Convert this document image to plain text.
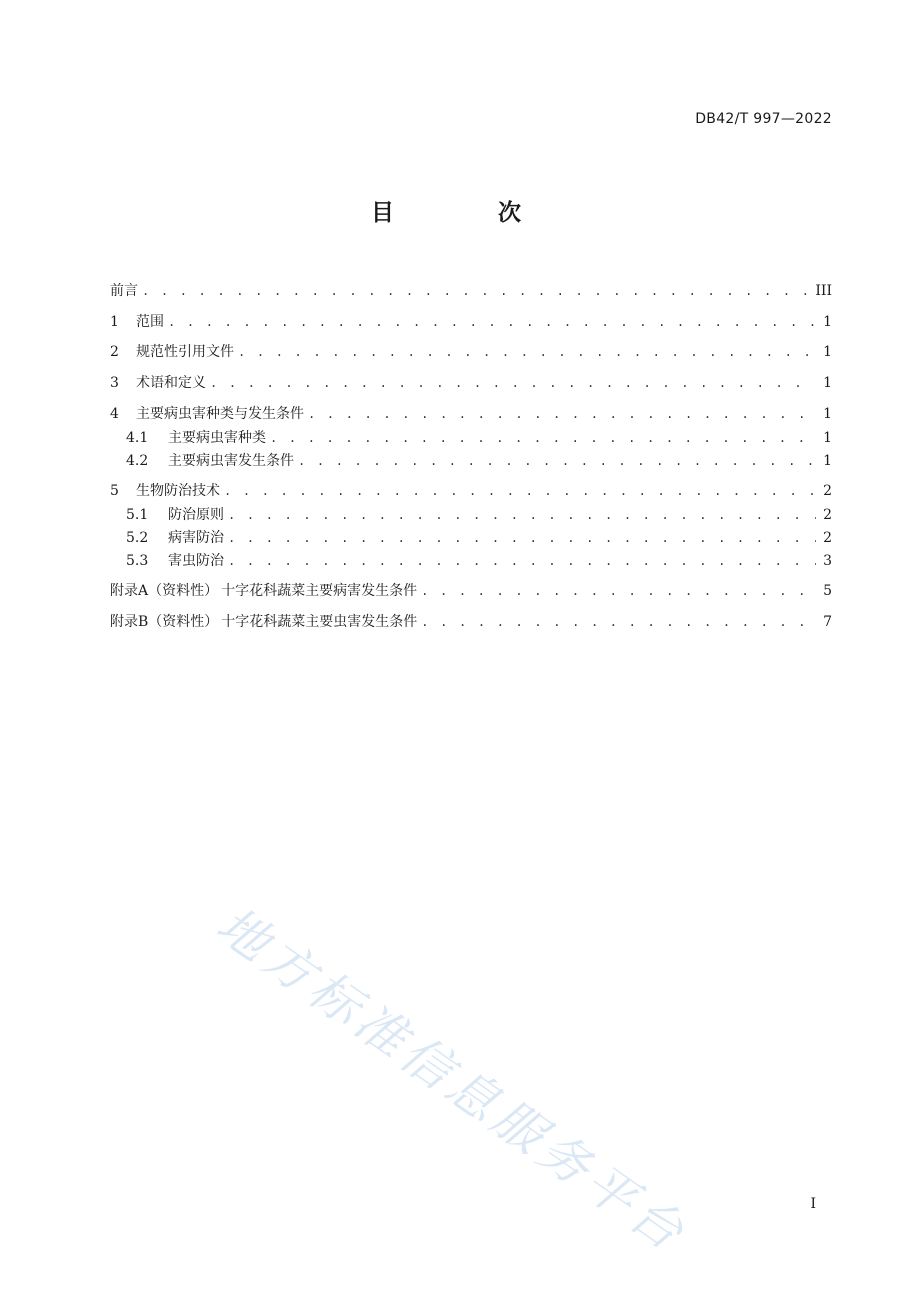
DB42/T 997—2022
目 次
前言 . . .	III
1	范围 . . .	1
2	规范性引用文件 . . .	1
3	术语和定义 . . .	1
4	主要病虫害种类与发生条件 . . .	1
4.1	主要病虫害种类 . . .	1
4.2	主要病虫害发生条件 . . .	1
5	生物防治技术 . . .	2
5.1	防治原则 . . .	2
5.2	病害防治 . . .	2
5.3	害虫防治 . . .	3
附录A（资料性） 十字花科蔬菜主要病害发生条件 . . .	5
附录B（资料性） 十字花科蔬菜主要虫害发生条件 . . .	7
地方标准信息服务平台	I
